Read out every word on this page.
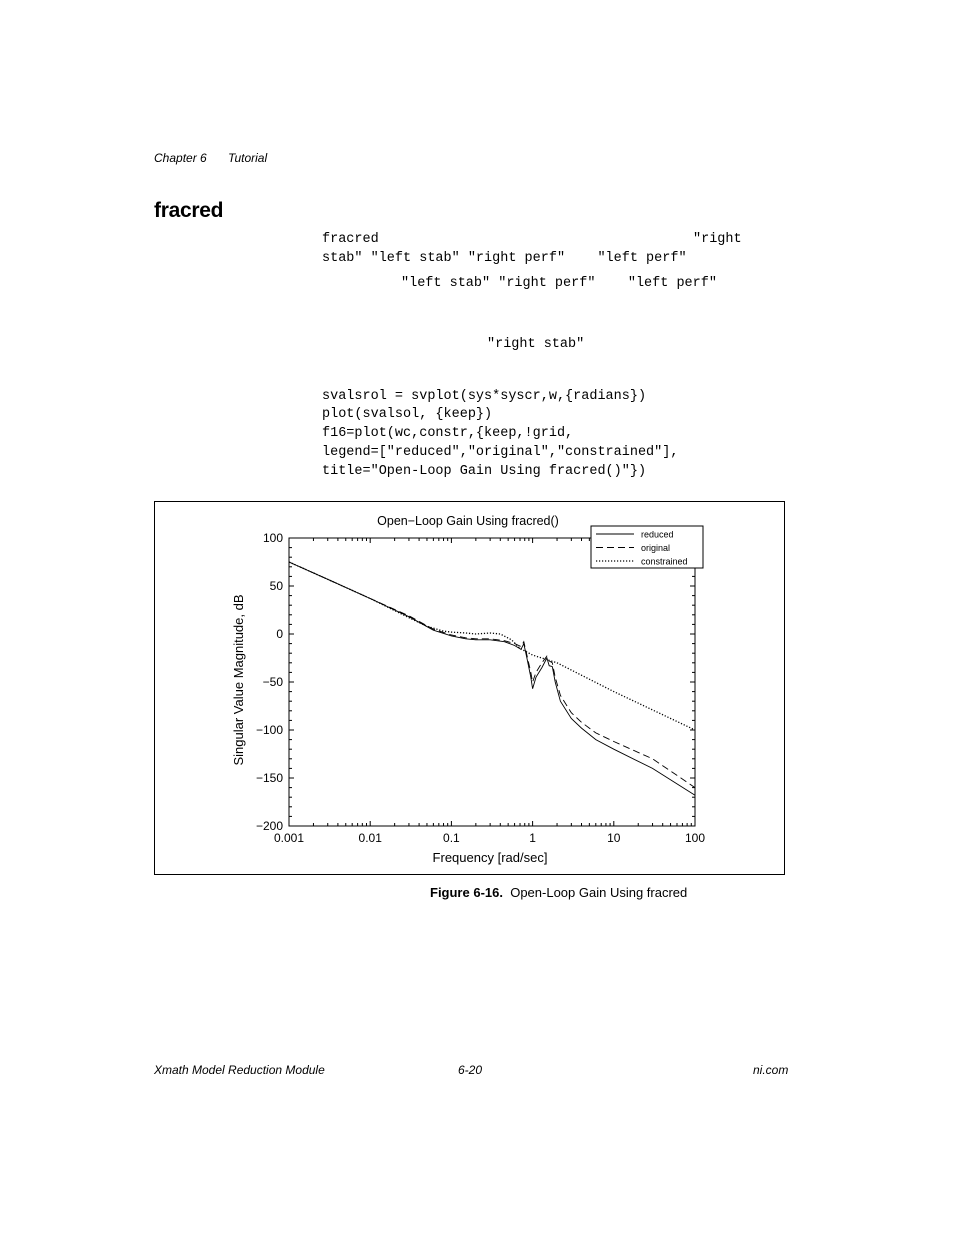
Chapter 6 Tutorial
fracred
fracred	"right
stab" "left stab" "right perf"    "left perf"
"left stab" "right perf"    "left perf"
"right stab"
svalsrol = svplot(sys*syscr,w,{radians})
plot(svalsol, {keep})
f16=plot(wc,constr,{keep,!grid,
legend=["reduced","original","constrained"],
title="Open-Loop Gain Using fracred()"})
Open−Loop Gain Using fracred()
0.001	0.01	0.1	1	10	100
100
50
0
−50
−100
−150
−200
reduced
original
constrained
Frequency [rad/sec]
Singular Value Magnitude, dB
Figure 6-16. Open-Loop Gain Using fracred
Xmath Model Reduction Module	6-20	ni.com
